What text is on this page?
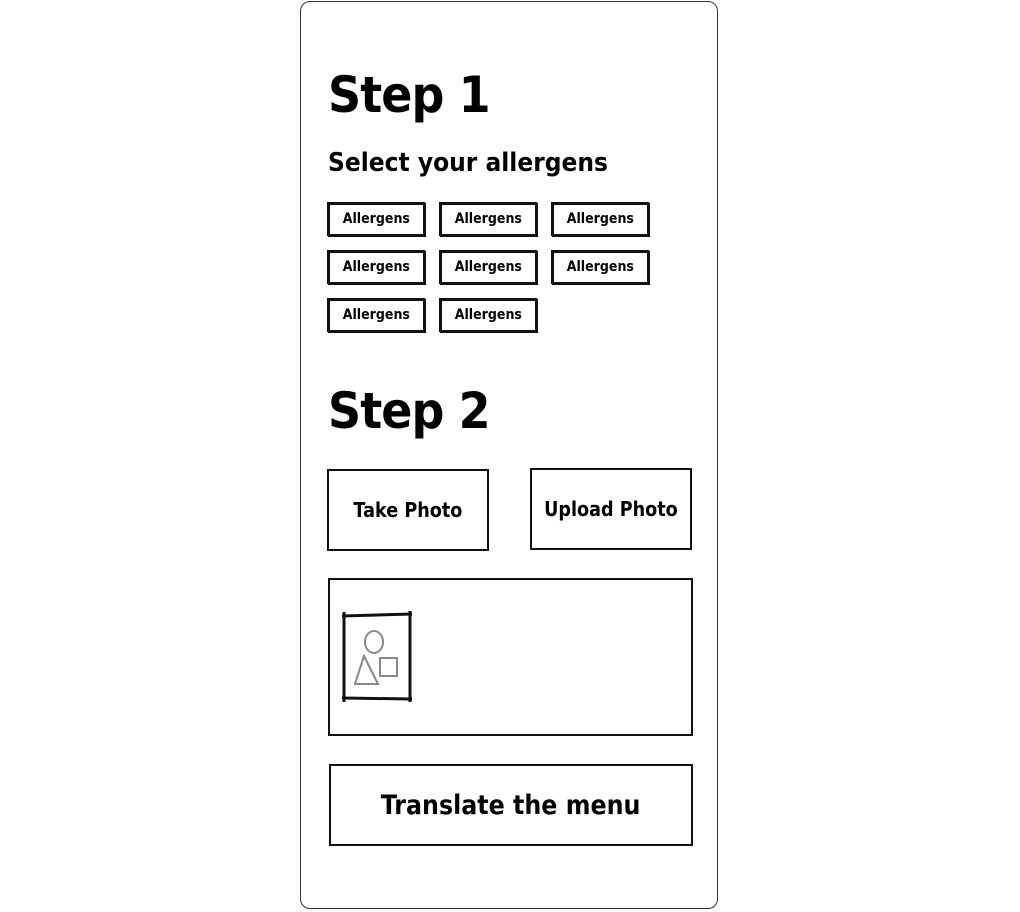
Step 1
Select your allergens
Allergens	Allergens	Allergens
Allergens	Allergens	Allergens
Allergens	Allergens
Step 2
Take Photo	Upload Photo
Translate the menu
